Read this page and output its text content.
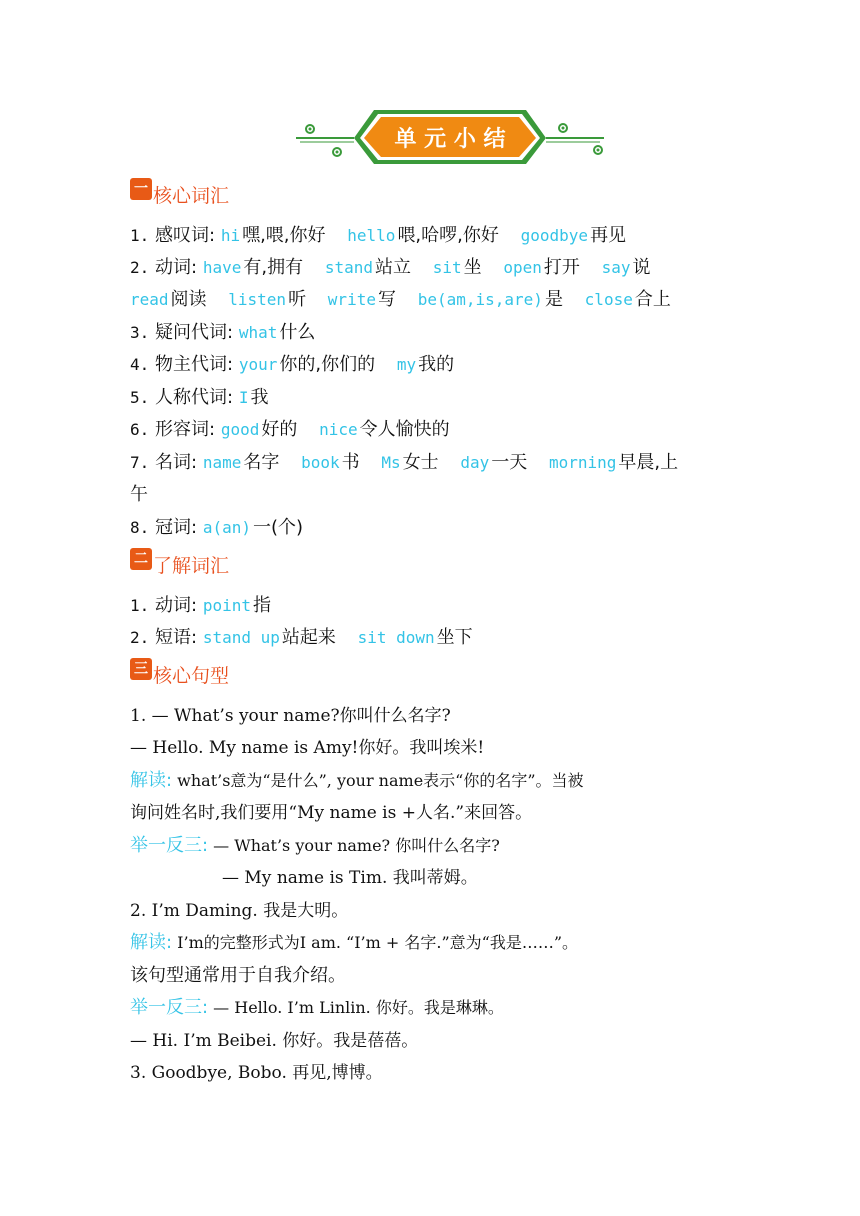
单 元 小 结
一 核心词汇
1. 感叹词: hi 嘿,喂,你好 hello 喂,哈啰,你好 goodbye 再见
2. 动词: have 有,拥有 stand 站立 sit 坐 open 打开 say 说
read 阅读 listen 听 write 写 be(am,is,are) 是 close 合上
3. 疑问代词: what 什么
4. 物主代词: your 你的,你们的 my 我的
5. 人称代词: I 我
6. 形容词: good 好的 nice 令人愉快的
7. 名词: name 名字 book 书 Ms 女士 day 一天 morning 早晨,上
午
8. 冠词: a(an) 一(个)
二 了解词汇
1. 动词: point 指
2. 短语: stand up 站起来 sit down 坐下
三 核心句型
1. — What’s your name?你叫什么名字?
— Hello. My name is Amy!你好。我叫埃米!
解读: what’s意为“是什么”, your name表示“你的名字”。当被
询问姓名时,我们要用“My name is +人名.”来回答。
举一反三: — What’s your name? 你叫什么名字?
— My name is Tim. 我叫蒂姆。
2. I’m Daming. 我是大明。
解读: I’m的完整形式为I am. “I’m + 名字.”意为“我是……”。
该句型通常用于自我介绍。
举一反三: — Hello. I’m Linlin. 你好。我是琳琳。
— Hi. I’m Beibei. 你好。我是蓓蓓。
3. Goodbye, Bobo. 再见,博博。
